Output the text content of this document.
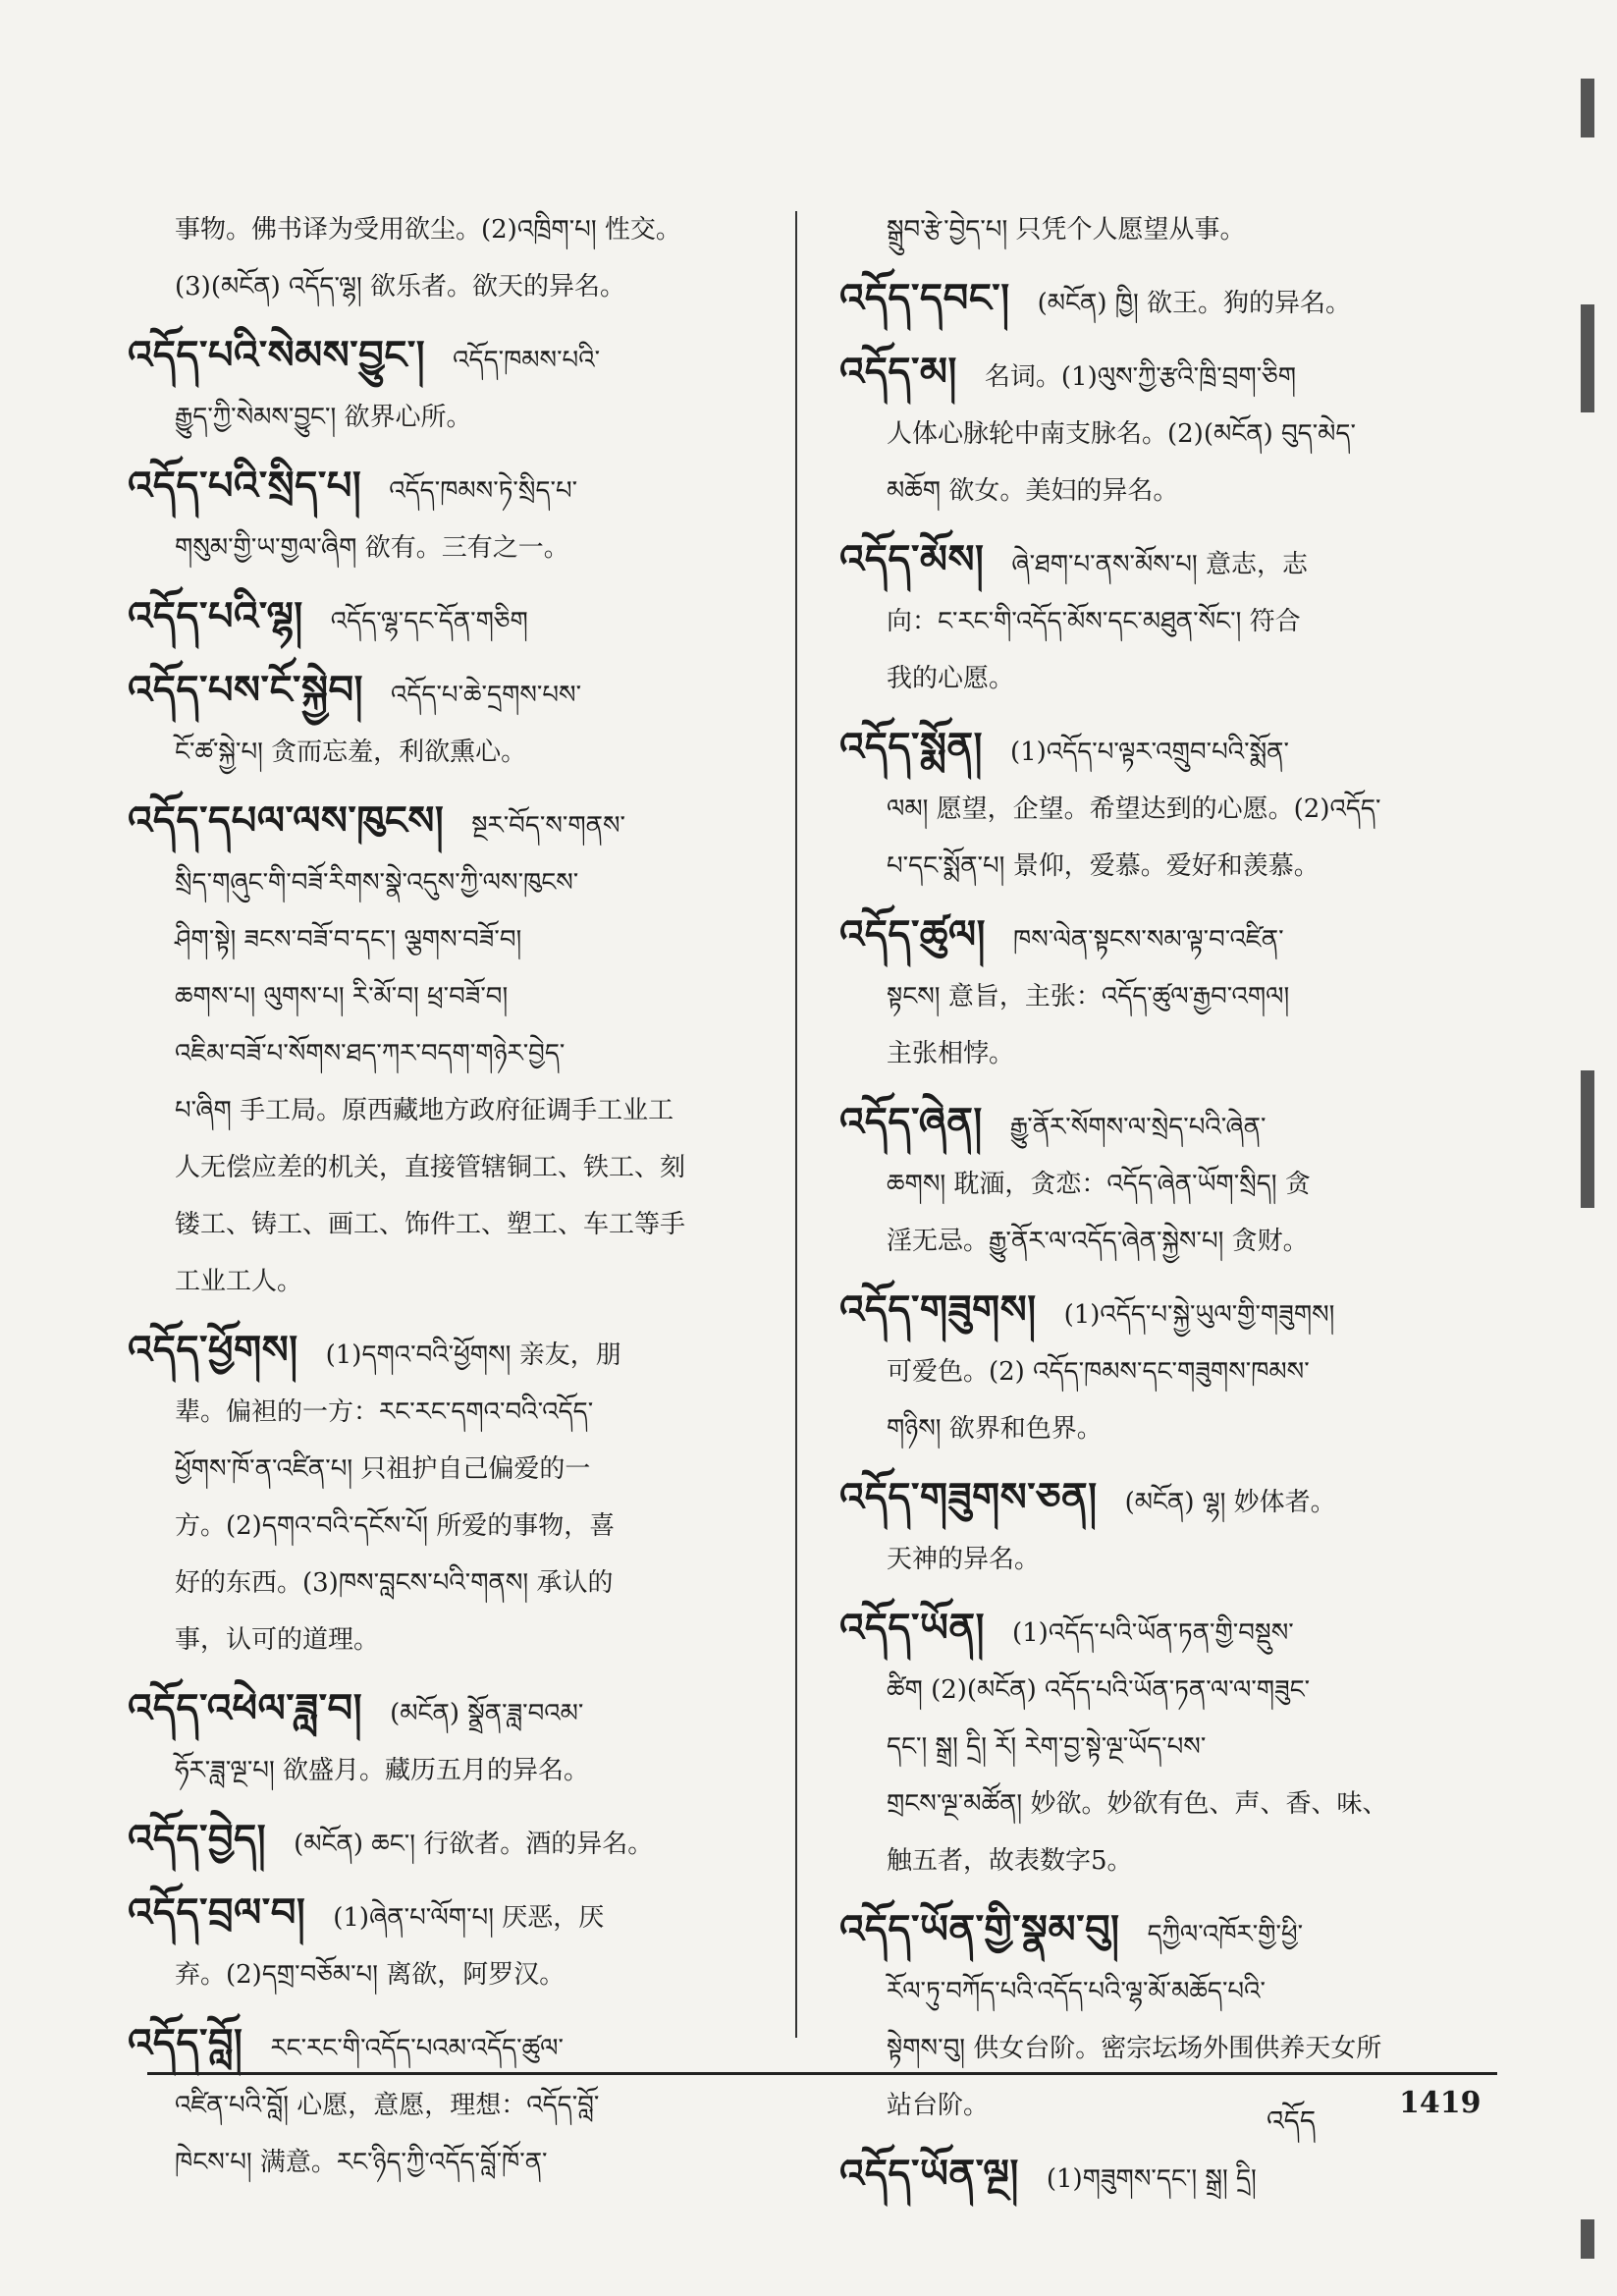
事物。佛书译为受用欲尘。(2)འཁྲིག་པ། 性交。
(3)(མངོན) འདོད་ལྷ། 欲乐者。欲天的异名。
འདོད་པའི་སེམས་བྱུང་། འདོད་ཁམས་པའི་
རྒྱུད་ཀྱི་སེམས་བྱུང་། 欲界心所。
འདོད་པའི་སྲིད་པ། འདོད་ཁམས་ཏེ་སྲིད་པ་
གསུམ་གྱི་ཡ་གྱལ་ཞིག 欲有。三有之一。
འདོད་པའི་ལྷ། འདོད་ལྷ་དང་དོན་གཅིག
འདོད་པས་ངོ་སྐྱེབ། འདོད་པ་ཆེ་དྲགས་པས་
ངོ་ཚ་སྐྱེ་པ། 贪而忘羞，利欲熏心。
འདོད་དཔལ་ལས་ཁུངས། སྔར་བོད་ས་གནས་
སྲིད་གཞུང་གི་བཟོ་རིགས་སྣེ་འདུས་ཀྱི་ལས་ཁུངས་
ཤིག་སྟེ། ཟངས་བཟོ་བ་དང་། ལྕགས་བཟོ་བ།
ཆགས་པ། ལུགས་པ། རི་མོ་བ། ཕྲ་བཟོ་བ།
འཇིམ་བཟོ་པ་སོགས་ཐད་ཀར་བདག་གཉེར་བྱེད་
པ་ཞིག 手工局。原西藏地方政府征调手工业工
人无偿应差的机关，直接管辖铜工、铁工、刻
镂工、铸工、画工、饰件工、塑工、车工等手
工业工人。
འདོད་ཕྱོགས། (1)དགའ་བའི་ཕྱོགས། 亲友，朋
辈。偏袒的一方：རང་རང་དགའ་བའི་འདོད་
ཕྱོགས་ཁོ་ན་འཛིན་པ། 只祖护自己偏爱的一
方。(2)དགའ་བའི་དངོས་པོ། 所爱的事物，喜
好的东西。(3)ཁས་བླངས་པའི་གནས། 承认的
事，认可的道理。
འདོད་འཕེལ་ཟླ་བ། (མངོན) སྣྲོན་ཟླ་བའམ་
ཧོར་ཟླ་ལྔ་པ། 欲盛月。藏历五月的异名。
འདོད་བྱེད། (མངོན) ཆང་། 行欲者。酒的异名。
འདོད་བྲལ་བ། (1)ཞེན་པ་ལོག་པ། 厌恶，厌
弃。(2)དགྲ་བཅོམ་པ། 离欲，阿罗汉。
འདོད་བློ། རང་རང་གི་འདོད་པའམ་འདོད་ཚུལ་
འཛིན་པའི་བློ། 心愿，意愿，理想：འདོད་བློ་
ཁེངས་པ། 满意。རང་ཉིད་ཀྱི་འདོད་བློ་ཁོ་ན་
སྒྲུབ་རྩེ་བྱེད་པ། 只凭个人愿望从事。
འདོད་དབང་། (མངོན) ཁྱི། 欲王。狗的异名。
འདོད་མ། 名词。(1)ལུས་ཀྱི་རྩའི་ཁྲི་བྲག་ཅིག
人体心脉轮中南支脉名。(2)(མངོན) བུད་མེད་
མཆོག 欲女。美妇的异名。
འདོད་མོས། ཞེ་ཐག་པ་ནས་མོས་པ། 意志，志
向：ང་རང་གི་འདོད་མོས་དང་མཐུན་སོང་། 符合
我的心愿。
འདོད་སྨོན། (1)འདོད་པ་ལྟར་འགྲུབ་པའི་སྨོན་
ལམ། 愿望，企望。希望达到的心愿。(2)འདོད་
པ་དང་སྨོན་པ། 景仰，爱慕。爱好和羡慕。
འདོད་ཚུལ། ཁས་ལེན་སྟངས་སམ་ལྟ་བ་འཛིན་
སྟངས། 意旨，主张：འདོད་ཚུལ་རྒྱབ་འགལ།
主张相悖。
འདོད་ཞེན། རྒྱུ་ནོར་སོགས་ལ་སྲེད་པའི་ཞེན་
ཆགས། 耽湎，贪恋：འདོད་ཞེན་ཡོག་སྲིད། 贪
淫无忌。རྒྱུ་ནོར་ལ་འདོད་ཞེན་སྐྱེས་པ། 贪财。
འདོད་གཟུགས། (1)འདོད་པ་སྐྱེ་ཡུལ་གྱི་གཟུགས།
可爱色。(2) འདོད་ཁམས་དང་གཟུགས་ཁམས་
གཉིས། 欲界和色界。
འདོད་གཟུགས་ཅན། (མངོན) ལྷ། 妙体者。
天神的异名。
འདོད་ཡོན། (1)འདོད་པའི་ཡོན་ཏན་གྱི་བསྡུས་
ཚིག (2)(མངོན) འདོད་པའི་ཡོན་ཏན་ལ་ལ་གཟུང་
དང་། སྒྲ། དྲི། རོ། རེག་བྱ་སྟེ་ལྔ་ཡོད་པས་
གྲངས་ལྔ་མཚོན། 妙欲。妙欲有色、声、香、味、
触五者，故表数字5。
འདོད་ཡོན་གྱི་སྣམ་བུ། དཀྱིལ་འཁོར་གྱི་ཕྱི་
རོལ་ཏུ་བཀོད་པའི་འདོད་པའི་ལྷ་མོ་མཆོད་པའི་
སྟེགས་བུ། 供女台阶。密宗坛场外围供养天女所
站台阶。
འདོད་ཡོན་ལྔ། (1)གཟུགས་དང་། སྒྲ། དྲི།
འདོད
1419
